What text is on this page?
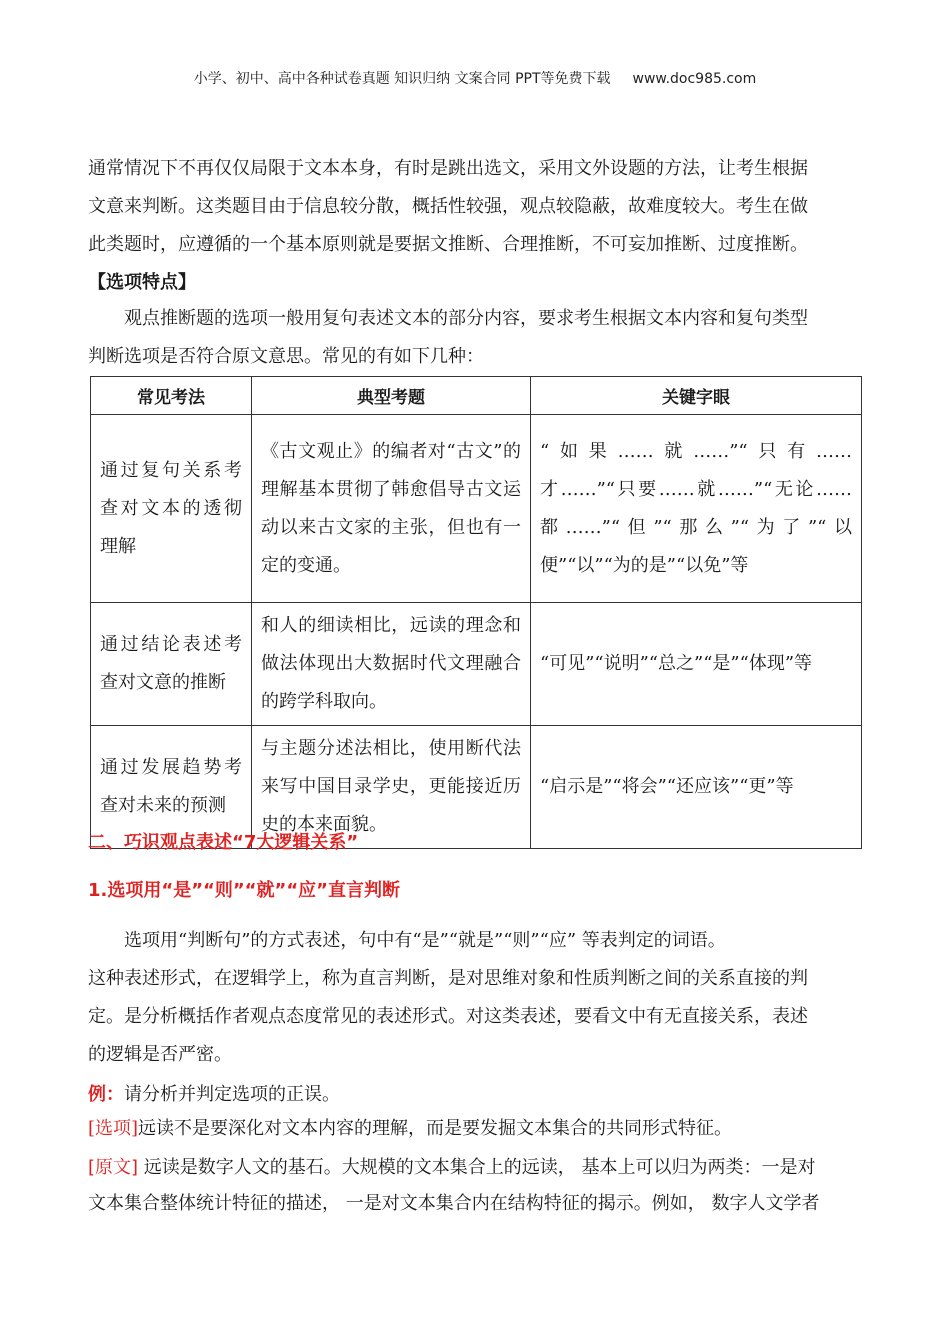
小学、初中、高中各种试卷真题 知识归纳 文案合同 PPT等免费下载 www.doc985.com
通常情况下不再仅仅局限于文本本身，有时是跳出选文，采用文外设题的方法，让考生根据
文意来判断。这类题目由于信息较分散，概括性较强，观点较隐蔽，故难度较大。考生在做
此类题时，应遵循的一个基本原则就是要据文推断、合理推断，不可妄加推断、过度推断。
【选项特点】
观点推断题的选项一般用复句表述文本的部分内容，要求考生根据文本内容和复句类型
判断选项是否符合原文意思。常见的有如下几种：
常见考法	典型考题	关键字眼
通过复句关系考查对文本的透彻理解	《古文观止》的编者对“古文”的理解基本贯彻了韩愈倡导古文运动以来古文家的主张，但也有一定的变通。	“如果……就……”“只有……才……”“只要……就……”“无论……都……”“但”“那么”“为了”“以便”“以”“为的是”“以免”等
通过结论表述考查对文意的推断	和人的细读相比，远读的理念和做法体现出大数据时代文理融合的跨学科取向。	“可见”“说明”“总之”“是”“体现”等
通过发展趋势考查对未来的预测	与主题分述法相比，使用断代法来写中国目录学史，更能接近历史的本来面貌。	“启示是”“将会”“还应该”“更”等
二、巧识观点表述“7大逻辑关系”
1.选项用“是”“则”“就”“应”直言判断
选项用“判断句”的方式表述，句中有“是”“就是”“则”“应” 等表判定的词语。
这种表述形式，在逻辑学上，称为直言判断，是对思维对象和性质判断之间的关系直接的判
定。是分析概括作者观点态度常见的表述形式。对这类表述，要看文中有无直接关系，表述
的逻辑是否严密。
例：请分析并判定选项的正误。
[选项]远读不是要深化对文本内容的理解，而是要发掘文本集合的共同形式特征。
[原文] 远读是数字人文的基石。大规模的文本集合上的远读， 基本上可以归为两类：一是对
文本集合整体统计特征的描述， 一是对文本集合内在结构特征的揭示。例如， 数字人文学者
